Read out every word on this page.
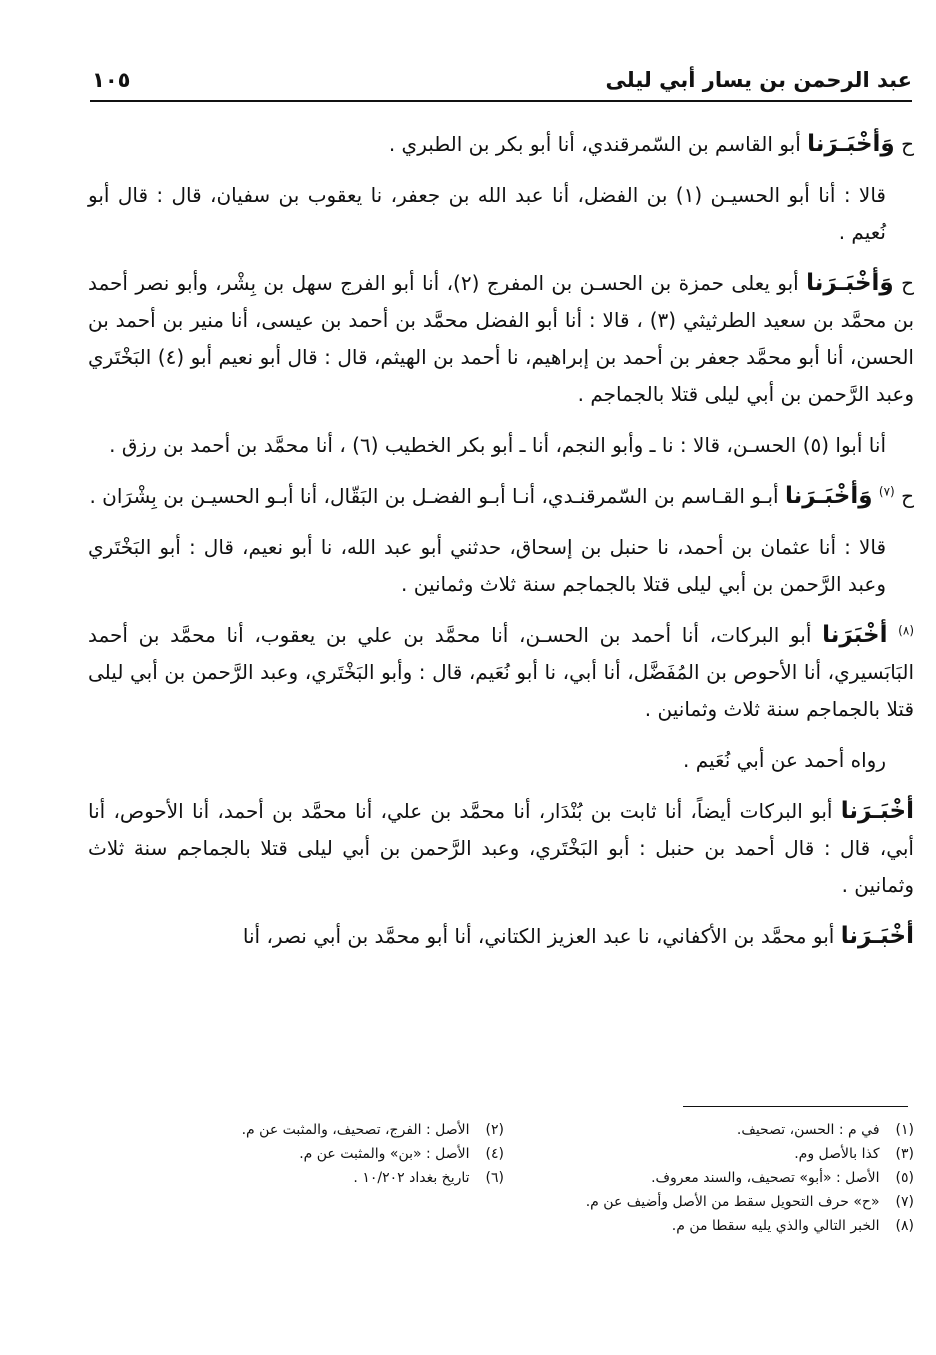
عبد الرحمن بن يسار أبي ليلى
١٠٥

ح وَأخْبَـرَنا أبو القاسم بن السّمرقندي، أنا أبو بكر بن الطبري .

قالا : أنا أبو الحسيـن (١) بن الفضل، أنا عبد الله بن جعفر، نا يعقوب بن سفيان، قال : قال أبو نُعيم .

ح وَأخْبَـرَنا أبو يعلى حمزة بن الحسـن بن المفرج (٢)، أنا أبو الفرج سهل بن بِشْر، وأبو نصر أحمد بن محمَّد بن سعيد الطرثيثي (٣) ، قالا : أنا أبو الفضل محمَّد بن أحمد بن عيسى، أنا منير بن أحمد بن الحسن، أنا أبو محمَّد جعفر بن أحمد بن إبراهيم، نا أحمد بن الهيثم، قال : قال أبو نعيم أبو (٤) البَخْتَري وعبد الرَّحمن بن أبي ليلى قتلا بالجماجم .

أنا أبوا (٥) الحسـن، قالا : نا ـ وأبو النجم، أنا ـ أبو بكر الخطيب (٦) ، أنا محمَّد بن أحمد بن رزق .

ح $^{(٧)}$ وَأخْبَـرَنا أبـو القـاسم بن السّمرقنـدي، أنـا أبـو الفضـل بن البَقّال، أنا أبـو الحسيـن بن بِشْرَان .

قالا : أنا عثمان بن أحمد، نا حنبل بن إسحاق، حدثني أبو عبد الله، نا أبو نعيم، قال : أبو البَخْتَري وعبد الرَّحمن بن أبي ليلى قتلا بالجماجم سنة ثلاث وثمانين .

$^{(٨)}$ أخْبَرَنا أبو البركات، أنا أحمد بن الحسـن، أنا محمَّد بن علي بن يعقوب، أنا محمَّد بن أحمد البَابَسيري، أنا الأحوص بن المُفَضَّل، أنا أبي، نا أبو نُعَيم، قال : وأبو البَخْتَري، وعبد الرَّحمن بن أبي ليلى قتلا بالجماجم سنة ثلاث وثمانين .

رواه أحمد عن أبي نُعَيم .

أخْبَـرَنا أبو البركات أيضاً، أنا ثابت بن بُنْدَار، أنا محمَّد بن علي، أنا محمَّد بن أحمد، أنا الأحوص، أنا أبي، قال : قال أحمد بن حنبل : أبو البَخْتَري، وعبد الرَّحمن بن أبي ليلى قتلا بالجماجم سنة ثلاث وثمانين .

أخْبَـرَنا أبو محمَّد بن الأكفاني، نا عبد العزيز الكتاني، أنا أبو محمَّد بن أبي نصر، أنا

(١) في م : الحسن، تصحيف.
(٢) الأصل : الفرج، تصحيف، والمثبت عن م.
(٣) كذا بالأصل وم.
(٤) الأصل : «بن» والمثبت عن م.
(٥) الأصل : «أبو» تصحيف، والسند معروف.
(٦) تاريخ بغداد ١٠/٢٠٢ .
(٧) «ح» حرف التحويل سقط من الأصل وأضيف عن م.
(٨) الخبر التالي والذي يليه سقطا من م.
